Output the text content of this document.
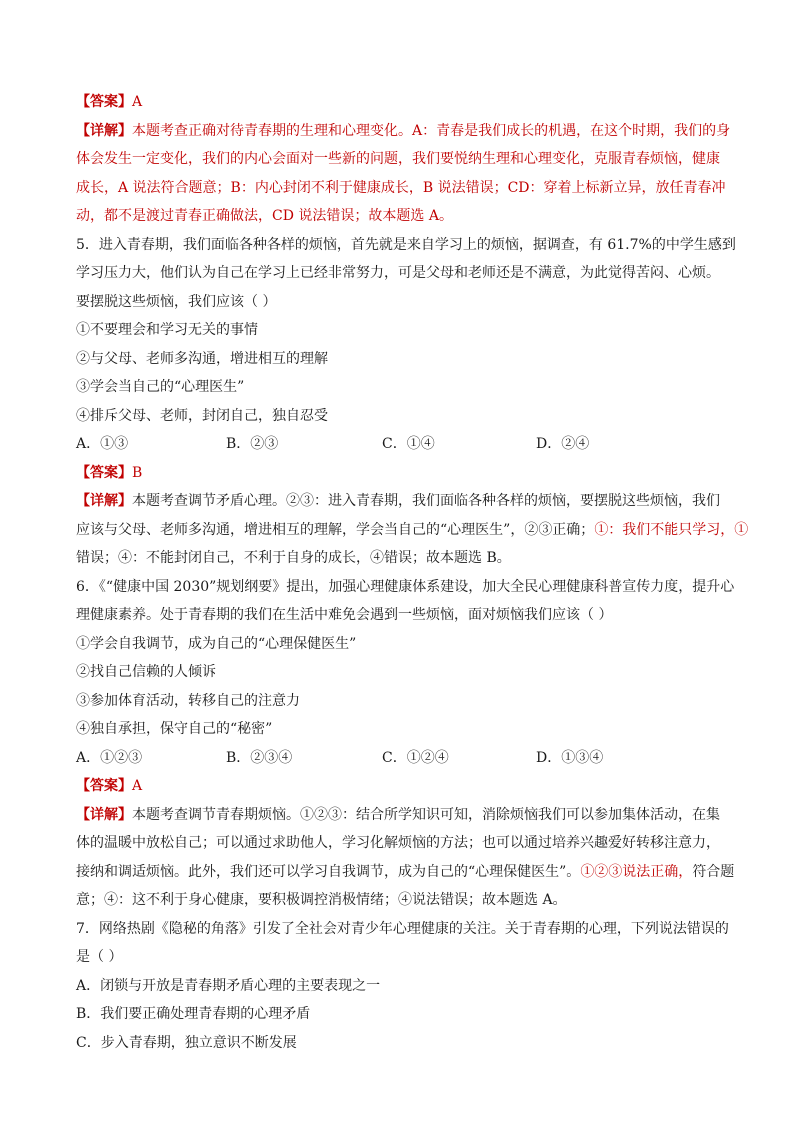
【答案】A
【详解】本题考查正确对待青春期的生理和心理变化。A：青春是我们成长的机遇，在这个时期，我们的身
体会发生一定变化，我们的内心会面对一些新的问题，我们要悦纳生理和心理变化，克服青春烦恼，健康
成长，A 说法符合题意；B：内心封闭不利于健康成长，B 说法错误；CD：穿着上标新立异，放任青春冲
动，都不是渡过青春正确做法，CD 说法错误；故本题选 A。
5．进入青春期，我们面临各种各样的烦恼，首先就是来自学习上的烦恼，据调查，有 61.7%的中学生感到
学习压力大，他们认为自己在学习上已经非常努力，可是父母和老师还是不满意，为此觉得苦闷、心烦。
要摆脱这些烦恼，我们应该（ ）
①不要理会和学习无关的事情
②与父母、老师多沟通，增进相互的理解
③学会当自己的“心理医生”
④排斥父母、老师，封闭自己，独自忍受
A．①③	B．②③	C．①④	D．②④
【答案】B
【详解】本题考查调节矛盾心理。②③：进入青春期，我们面临各种各样的烦恼，要摆脱这些烦恼，我们
应该与父母、老师多沟通，增进相互的理解，学会当自己的“心理医生”，②③正确；①：我们不能只学习，①
错误；④：不能封闭自己，不利于自身的成长，④错误；故本题选 B。
6．《“健康中国 2030”规划纲要》提出，加强心理健康体系建设，加大全民心理健康科普宣传力度，提升心
理健康素养。处于青春期的我们在生活中难免会遇到一些烦恼，面对烦恼我们应该（ ）
①学会自我调节，成为自己的“心理保健医生”
②找自己信赖的人倾诉
③参加体育活动，转移自己的注意力
④独自承担，保守自己的“秘密”
A．①②③	B．②③④	C．①②④	D．①③④
【答案】A
【详解】本题考查调节青春期烦恼。①②③：结合所学知识可知，消除烦恼我们可以参加集体活动，在集
体的温暖中放松自己；可以通过求助他人，学习化解烦恼的方法；也可以通过培养兴趣爱好转移注意力，
接纳和调适烦恼。此外，我们还可以学习自我调节，成为自己的“心理保健医生”。①②③说法正确，符合题
意；④：这不利于身心健康，要积极调控消极情绪；④说法错误；故本题选 A。
7．网络热剧《隐秘的角落》引发了全社会对青少年心理健康的关注。关于青春期的心理，下列说法错误的
是（ ）
A．闭锁与开放是青春期矛盾心理的主要表现之一
B．我们要正确处理青春期的心理矛盾
C．步入青春期，独立意识不断发展
